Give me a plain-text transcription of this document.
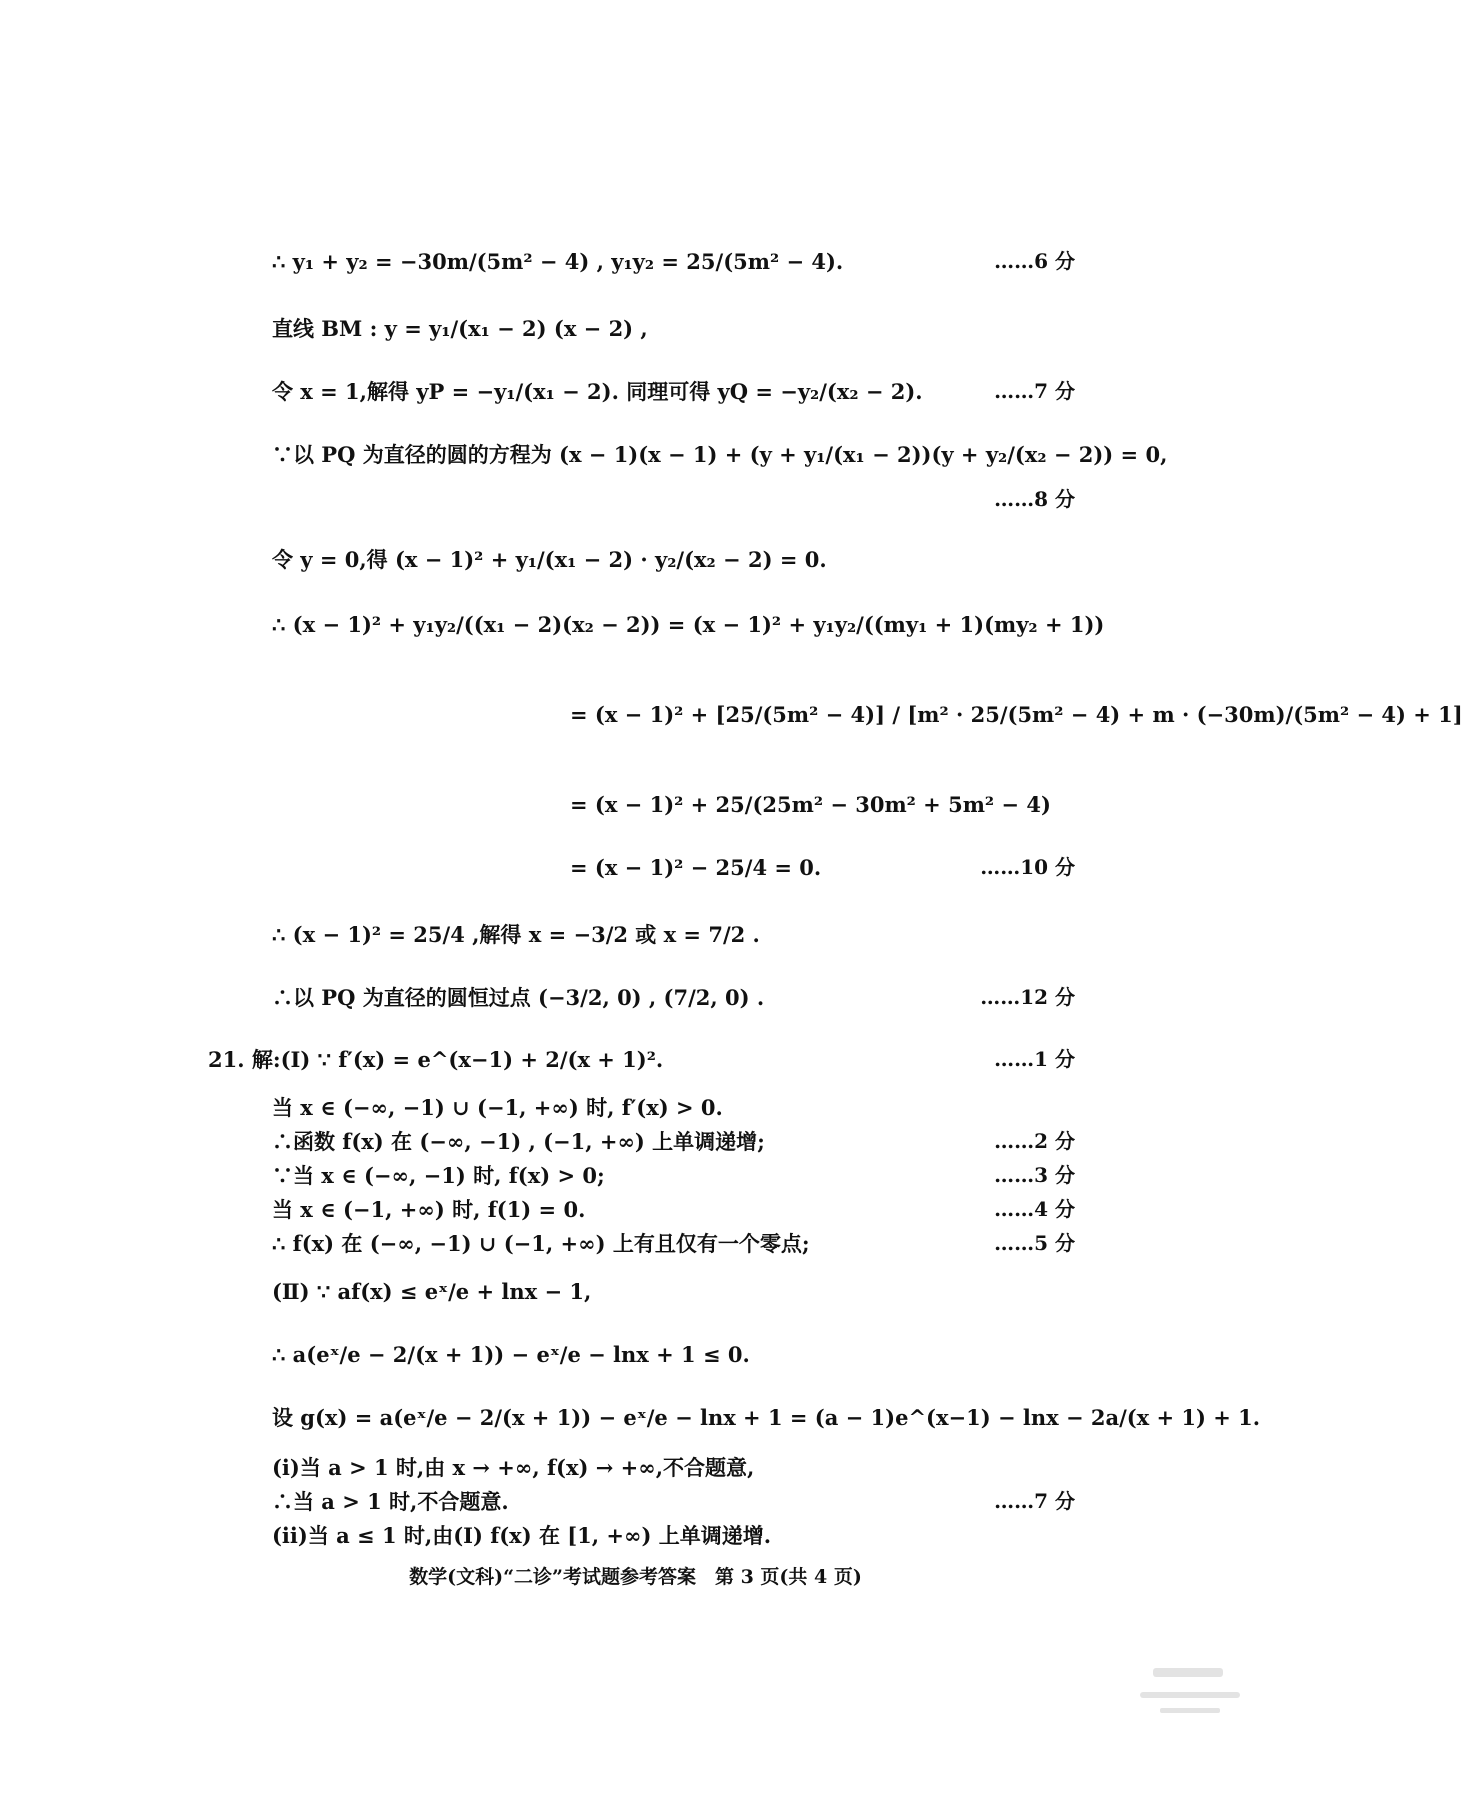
∴ y₁ + y₂ = −30m/(5m² − 4) , y₁y₂ = 25/(5m² − 4).
直线 BM : y = y₁/(x₁ − 2) (x − 2) ,
令 x = 1,解得 yP = −y₁/(x₁ − 2). 同理可得 yQ = −y₂/(x₂ − 2).
∵以 PQ 为直径的圆的方程为 (x − 1)(x − 1) + (y + y₁/(x₁ − 2))(y + y₂/(x₂ − 2)) = 0,
令 y = 0,得 (x − 1)² + y₁/(x₁ − 2) · y₂/(x₂ − 2) = 0.
∴ (x − 1)² + y₁y₂/((x₁ − 2)(x₂ − 2)) = (x − 1)² + y₁y₂/((my₁ + 1)(my₂ + 1))
= (x − 1)² + [25/(5m² − 4)] / [m² · 25/(5m² − 4) + m · (−30m)/(5m² − 4) + 1]
= (x − 1)² + 25/(25m² − 30m² + 5m² − 4)
= (x − 1)² − 25/4 = 0.
∴ (x − 1)² = 25/4 ,解得 x = −3/2 或 x = 7/2 .
∴以 PQ 为直径的圆恒过点 (−3/2, 0) , (7/2, 0) .
21. 解:(Ⅰ) ∵ f′(x) = e^(x−1) + 2/(x + 1)².
当 x ∈ (−∞, −1) ∪ (−1, +∞) 时, f′(x) > 0.
∴函数 f(x) 在 (−∞, −1) , (−1, +∞) 上单调递增;
∵当 x ∈ (−∞, −1) 时, f(x) > 0;
当 x ∈ (−1, +∞) 时, f(1) = 0.
∴ f(x) 在 (−∞, −1) ∪ (−1, +∞) 上有且仅有一个零点;
(Ⅱ) ∵ af(x) ≤ eˣ/e + lnx − 1,
∴ a(eˣ/e − 2/(x + 1)) − eˣ/e − lnx + 1 ≤ 0.
设 g(x) = a(eˣ/e − 2/(x + 1)) − eˣ/e − lnx + 1 = (a − 1)e^(x−1) − lnx − 2a/(x + 1) + 1.
(i)当 a > 1 时,由 x → +∞, f(x) → +∞,不合题意,
∴当 a > 1 时,不合题意.
(ii)当 a ≤ 1 时,由(Ⅰ) f(x) 在 [1, +∞) 上单调递增.
……6 分
……7 分
……8 分
……10 分
……12 分
……1 分
……2 分
……3 分
……4 分
……5 分
……7 分
数学(文科)“二诊”考试题参考答案　第 3 页(共 4 页)
